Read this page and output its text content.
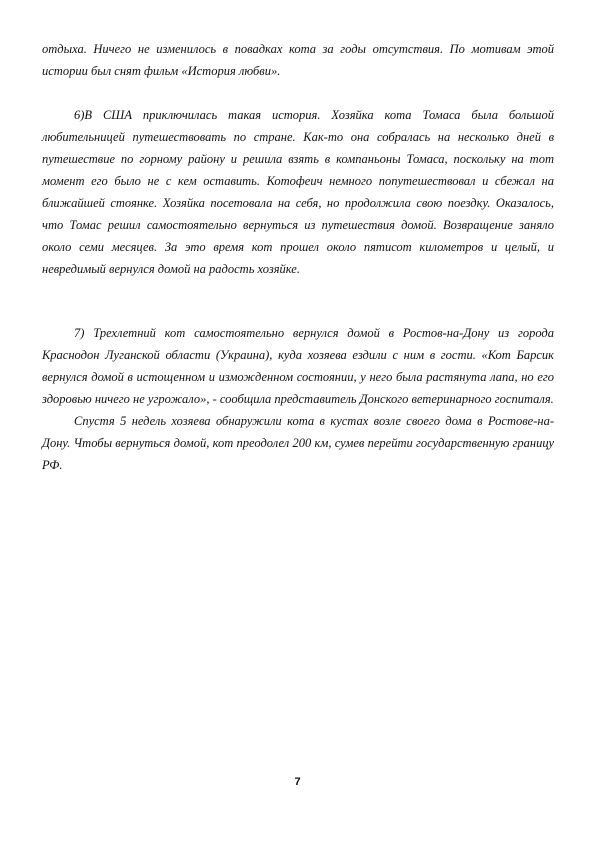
отдыха. Ничего не изменилось в повадках кота за годы отсутствия. По мотивам этой истории был снят фильм «История любви».

6)В США приключилась такая история. Хозяйка кота Томаса была большой любительницей путешествовать по стране. Как-то она собралась на несколько дней в путешествие по горному району и решила взять в компаньоны Томаса, поскольку на тот момент его было не с кем оставить. Котофеич немного попутешествовал и сбежал на ближайшей стоянке. Хозяйка посетовала на себя, но продолжила свою поездку. Оказалось, что Томас решил самостоятельно вернуться из путешествия домой. Возвращение заняло около семи месяцев. За это время кот прошел около пятисот километров и целый, и невредимый вернулся домой на радость хозяйке.

7) Трехлетний кот самостоятельно вернулся домой в Ростов-на-Дону из города Краснодон Луганской области (Украина), куда хозяева ездили с ним в гости. «Кот Барсик вернулся домой в истощенном и изможденном состоянии, у него была растянута лапа, но его здоровью ничего не угрожало», - сообщила представитель Донского ветеринарного госпиталя.

Спустя 5 недель хозяева обнаружили кота в кустах возле своего дома в Ростове-на-Дону. Чтобы вернуться домой, кот преодолел 200 км, сумев перейти государственную границу РФ.

7
